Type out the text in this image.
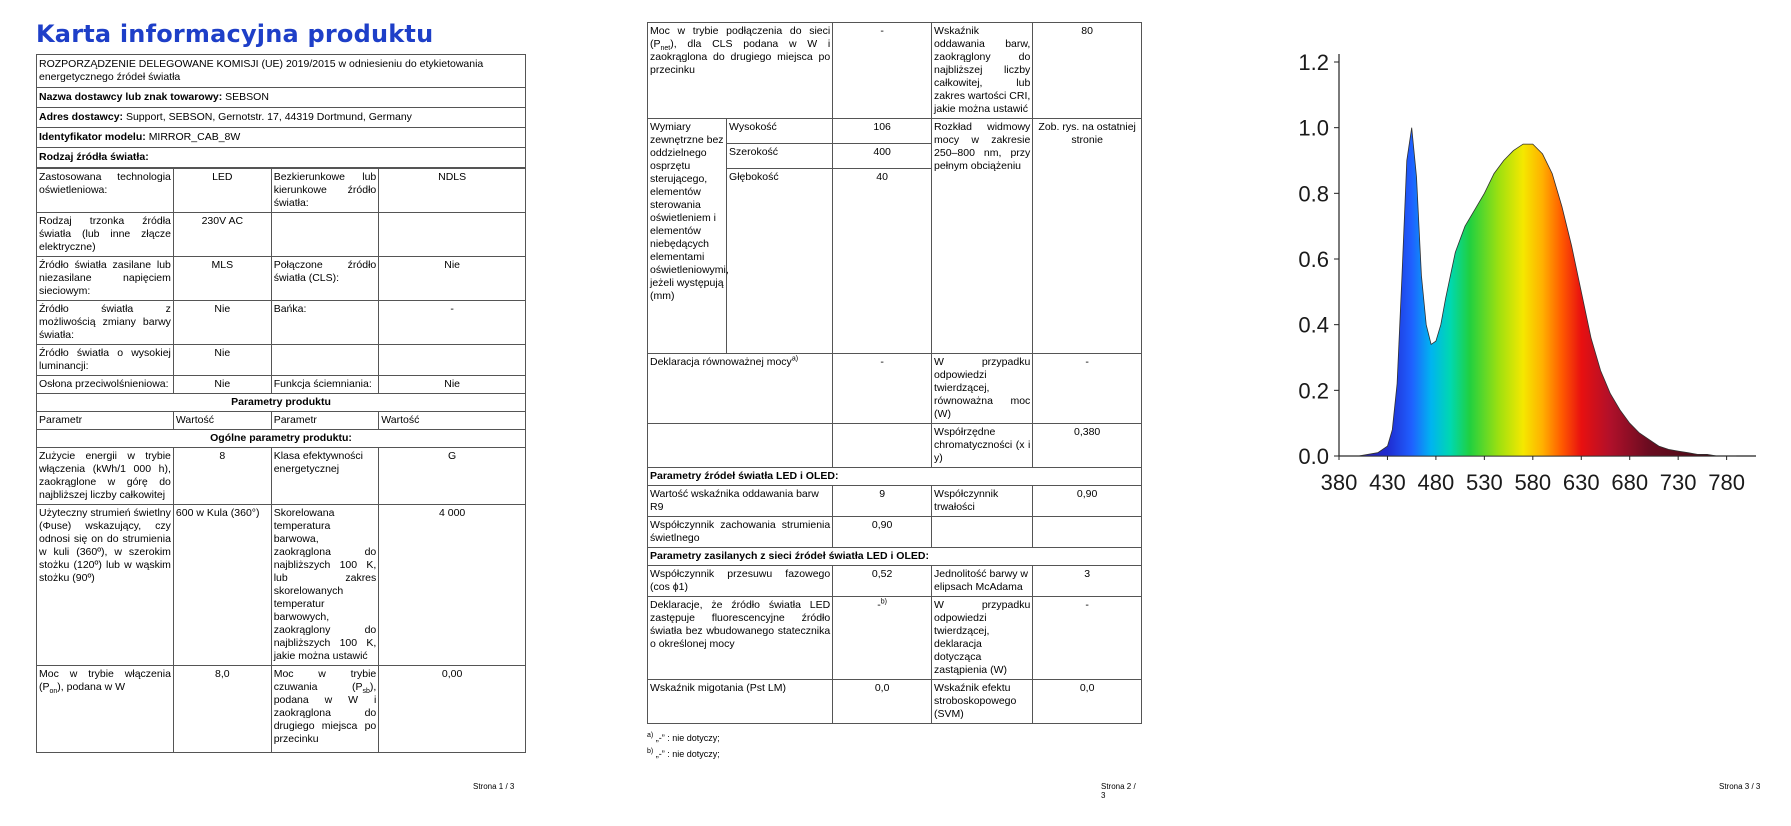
Karta informacyjna produktu
ROZPORZĄDZENIE DELEGOWANE KOMISJI (UE) 2019/2015 w odniesieniu do etykietowania energetycznego źródeł światła
Nazwa dostawcy lub znak towarowy: SEBSON
Adres dostawcy: Support, SEBSON, Gernotstr. 17, 44319 Dortmund, Germany
Identyfikator modelu: MIRROR_CAB_8W
Rodzaj źródła światła:
Zastosowana technologia oświetleniowa:	LED	Bezkierunkowe lub kierunkowe źródło światła:	NDLS
Rodzaj trzonka źródła światła (lub inne złącze elektryczne)	230V AC		
Źródło światła zasilane lub niezasilane napięciem sieciowym:	MLS	Połączone źródło światła (CLS):	Nie
Źródło światła z możliwością zmiany barwy światła:	Nie	Bańka:	-
Źródło światła o wysokiej luminancji:	Nie		
Osłona przeciwolśnieniowa:	Nie	Funkcja ściemniania:	Nie
Parametry produktu			
Parametr	Wartość	Parametr	Wartość
Ogólne parametry produktu:			
Zużycie energii w trybie włączenia (kWh/1 000 h), zaokrąglone w górę do najbliższej liczby całkowitej	8	Klasa efektywności energetycznej	G
Użyteczny strumień świetlny (Φuse) wskazujący, czy odnosi się on do strumienia w kuli (360º), w szerokim stożku (120º) lub w wąskim stożku (90º)	600 w Kula (360°)	Skorelowana temperatura barwowa, zaokrąglona do najbliższych 100 K, lub zakres skorelowanych temperatur barwowych, zaokrąglony do najbliższych 100 K, jakie można ustawić	4 000
Moc w trybie włączenia $(P_{on})$, podana w W	8,0	Moc w trybie czuwania $(P_{sb})$, podana w W i zaokrąglona do drugiego miejsca po przecinku	0,00
Strona 1 / 3
Moc w trybie podłączenia do sieci $(P_{net})$, dla CLS podana w W i zaokrąglona do drugiego miejsca po przecinku		-	Wskaźnik oddawania barw, zaokrąglony do najbliższej liczby całkowitej, lub zakres wartości CRI, jakie można ustawić	80
Wymiary zewnętrzne bez oddzielnego osprzętu sterującego, elementów sterowania oświetleniem i elementów niebędących elementami oświetleniowymi, jeżeli występują (mm)	Wysokość	106	Rozkład widmowy mocy w zakresie 250–800 nm, przy pełnym obciążeniu	Zob. rys. na ostatniej stronie
	Szerokość	400		
	Głębokość	40		
Deklaracja równoważnej mocy$^{a)}$		-	W przypadku odpowiedzi twierdzącej, równoważna moc (W)	-
			Współrzędne chromatyczności (x i y)	0,380
Parametry źródeł światła LED i OLED:				
Wartość wskaźnika oddawania barw R9		9	Współczynnik trwałości	0,90
Współczynnik zachowania strumienia świetlnego		0,90		
Parametry zasilanych z sieci źródeł światła LED i OLED:				
Współczynnik przesuwu fazowego (cos ϕ1)		0,52	Jednolitość barwy w elipsach McAdama	3
Deklaracje, że źródło światła LED zastępuje fluorescencyjne źródło światła bez wbudowanego statecznika o określonej mocy		-$^{b)}$	W przypadku odpowiedzi twierdzącej, deklaracja dotycząca zastąpienia (W)	-
Wskaźnik migotania (Pst LM)		0,0	Wskaźnik efektu stroboskopowego (SVM)	0,0
$^{a)}$ „-” : nie dotyczy;
$^{b)}$ „-” : nie dotyczy;
Strona 2 / 3
0.0
0.2
0.4
0.6
0.8
1.0
1.2
380 430 480 530 580 630 680 730 780
Strona 3 / 3
